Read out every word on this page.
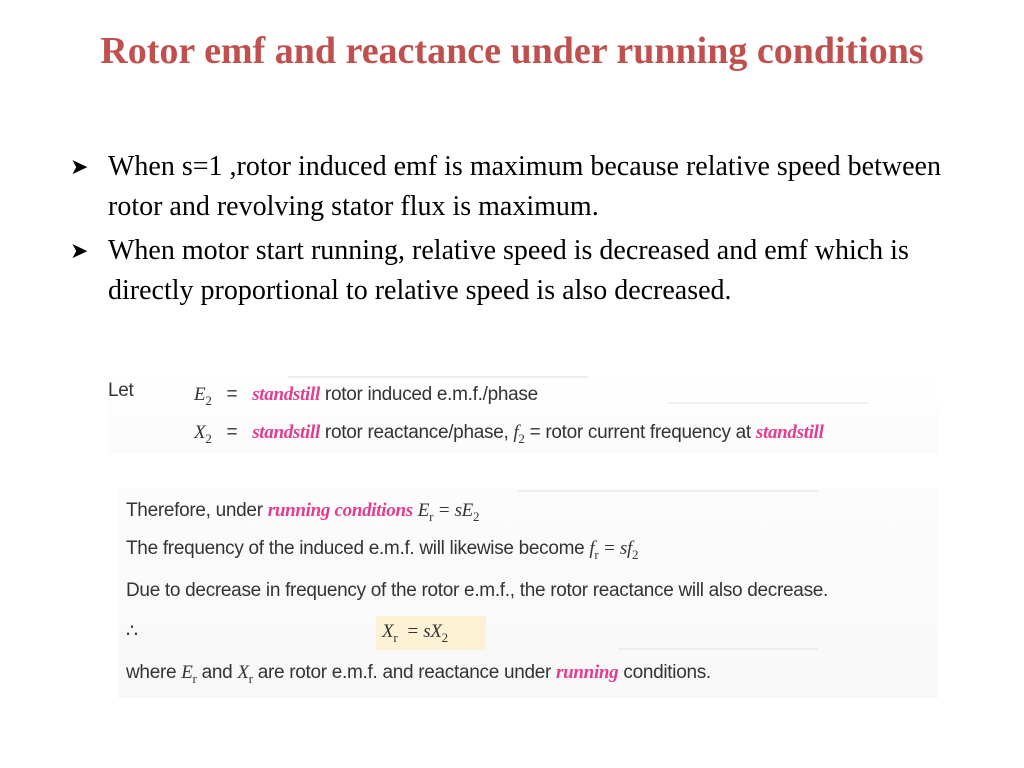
Rotor emf and reactance under running conditions
➤ When s=1 ,rotor induced emf is maximum because relative speed between rotor and revolving stator flux is maximum.
➤ When motor start running, relative speed is decreased and emf which is directly proportional to relative speed is also decreased.
Let	$E_2$ = standstill rotor induced e.m.f./phase
$X_2$ = standstill rotor reactance/phase, $f_2$ = rotor current frequency at standstill
Therefore, under running conditions $E_r = sE_2$
The frequency of the induced e.m.f. will likewise become $f_r = sf_2$
Due to decrease in frequency of the rotor e.m.f., the rotor reactance will also decrease.
∴	$X_r = sX_2$
where $E_r$ and $X_r$ are rotor e.m.f. and reactance under running conditions.
